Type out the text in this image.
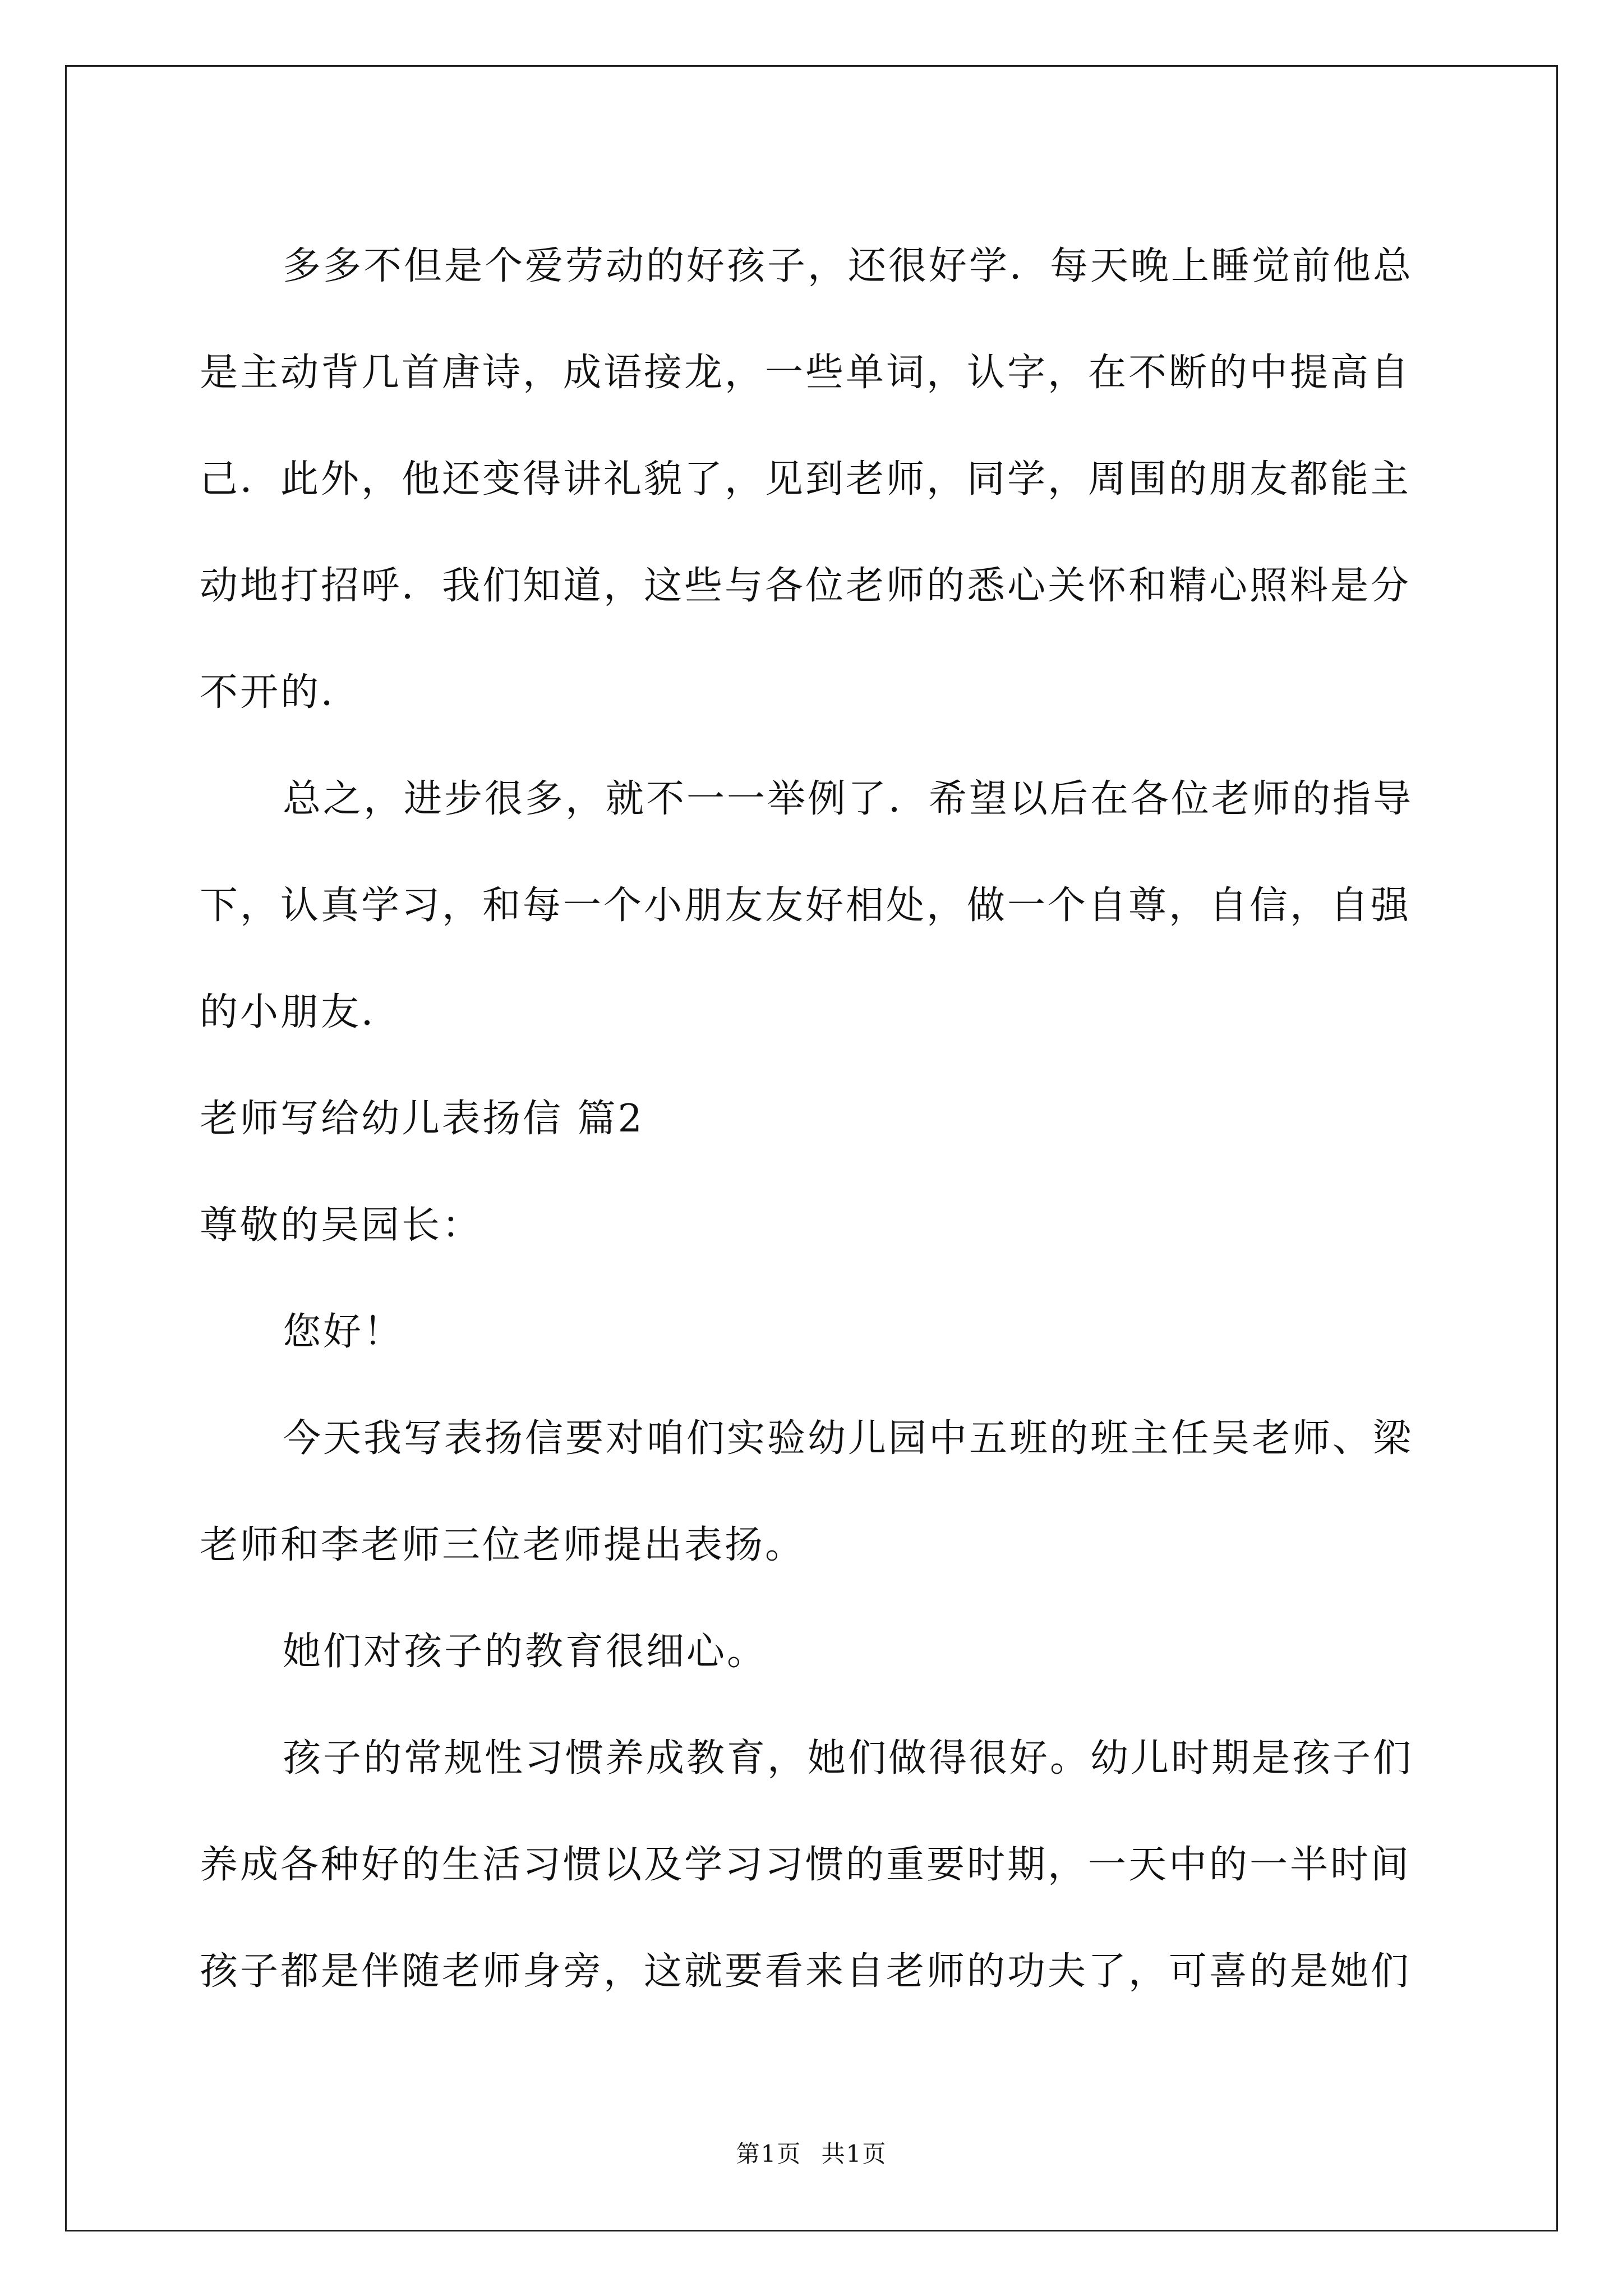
多多不但是个爱劳动的好孩子，还很好学．每天晚上睡觉前他总是主动背几首唐诗，成语接龙，一些单词，认字，在不断的中提高自己．此外，他还变得讲礼貌了，见到老师，同学，周围的朋友都能主动地打招呼．我们知道，这些与各位老师的悉心关怀和精心照料是分不开的．

总之，进步很多，就不一一举例了．希望以后在各位老师的指导下，认真学习，和每一个小朋友友好相处，做一个自尊，自信，自强的小朋友．

老师写给幼儿表扬信 篇2

尊敬的吴园长：

您好！

今天我写表扬信要对咱们实验幼儿园中五班的班主任吴老师、梁老师和李老师三位老师提出表扬。

她们对孩子的教育很细心。

孩子的常规性习惯养成教育，她们做得很好。幼儿时期是孩子们养成各种好的生活习惯以及学习习惯的重要时期，一天中的一半时间孩子都是伴随老师身旁，这就要看来自老师的功夫了，可喜的是她们

第1页 共1页
